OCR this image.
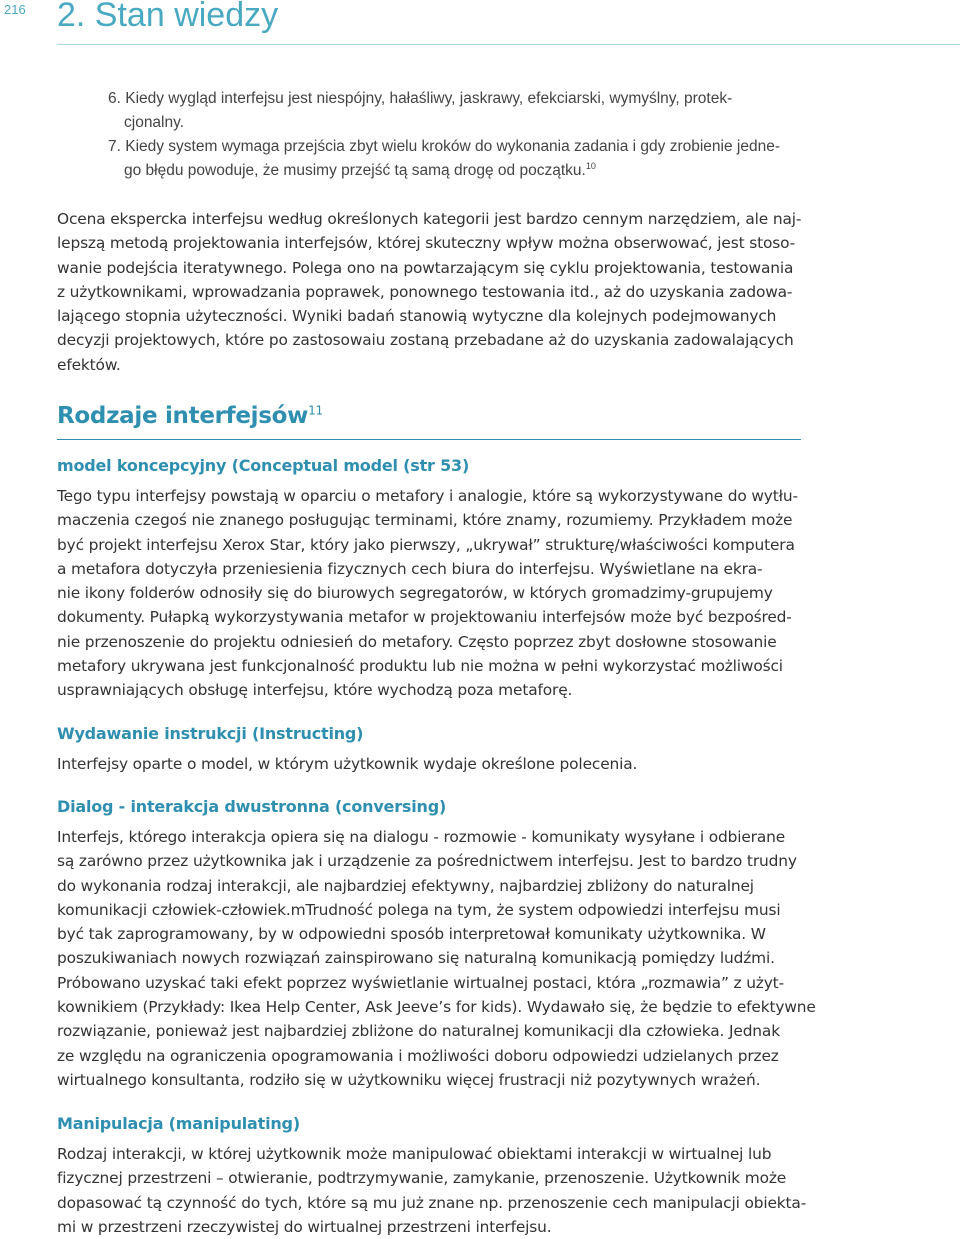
216 2. Stan wiedzy
6. Kiedy wygląd interfejsu jest niespójny, hałaśliwy, jaskrawy, efekciarski, wymyślny, protek-
cjonalny.
7. Kiedy system wymaga przejścia zbyt wielu kroków do wykonania zadania i gdy zrobienie jedne-
go błędu powoduje, że musimy przejść tą samą drogę od początku.$^{10}$

Ocena ekspercka interfejsu według określonych kategorii jest bardzo cennym narzędziem, ale naj-
lepszą metodą projektowania interfejsów, której skuteczny wpływ można obserwować, jest stoso-
wanie podejścia iteratywnego. Polega ono na powtarzającym się cyklu projektowania, testowania
z użytkownikami, wprowadzania poprawek, ponownego testowania itd., aż do uzyskania zadowa-
lającego stopnia użyteczności. Wyniki badań stanowią wytyczne dla kolejnych podejmowanych
decyzji projektowych, które po zastosowaiu zostaną przebadane aż do uzyskania zadowalających
efektów.

Rodzaje interfejsów$^{11}$
model koncepcyjny (Conceptual model (str 53)

Tego typu interfejsy powstają w oparciu o metafory i analogie, które są wykorzystywane do wytłu-
maczenia czegoś nie znanego posługując terminami, które znamy, rozumiemy. Przykładem może
być projekt interfejsu Xerox Star, który jako pierwszy, „ukrywał” strukturę/właściwości komputera
a metafora dotyczyła przeniesienia fizycznych cech biura do interfejsu. Wyświetlane na ekra-
nie ikony folderów odnosiły się do biurowych segregatorów, w których gromadzimy-grupujemy
dokumenty. Pułapką wykorzystywania metafor w projektowaniu interfejsów może być bezpośred-
nie przenoszenie do projektu odniesień do metafory. Często poprzez zbyt dosłowne stosowanie
metafory ukrywana jest funkcjonalność produktu lub nie można w pełni wykorzystać możliwości
usprawniających obsługę interfejsu, które wychodzą poza metaforę.

Wydawanie instrukcji (Instructing)

Interfejsy oparte o model, w którym użytkownik wydaje określone polecenia.

Dialog - interakcja dwustronna (conversing)

Interfejs, którego interakcja opiera się na dialogu - rozmowie - komunikaty wysyłane i odbierane
są zarówno przez użytkownika jak i urządzenie za pośrednictwem interfejsu. Jest to bardzo trudny
do wykonania rodzaj interakcji, ale najbardziej efektywny, najbardziej zbliżony do naturalnej
komunikacji człowiek-człowiek.mTrudność polega na tym, że system odpowiedzi interfejsu musi
być tak zaprogramowany, by w odpowiedni sposób interpretował komunikaty użytkownika. W
poszukiwaniach nowych rozwiązań zainspirowano się naturalną komunikacją pomiędzy ludźmi.
Próbowano uzyskać taki efekt poprzez wyświetlanie wirtualnej postaci, która „rozmawia” z użyt-
kownikiem (Przykłady: Ikea Help Center, Ask Jeeve’s for kids). Wydawało się, że będzie to efektywne
rozwiązanie, ponieważ jest najbardziej zbliżone do naturalnej komunikacji dla człowieka. Jednak
ze względu na ograniczenia opogramowania i możliwości doboru odpowiedzi udzielanych przez
wirtualnego konsultanta, rodziło się w użytkowniku więcej frustracji niż pozytywnych wrażeń.

Manipulacja (manipulating)

Rodzaj interakcji, w której użytkownik może manipulować obiektami interakcji w wirtualnej lub
fizycznej przestrzeni – otwieranie, podtrzymywanie, zamykanie, przenoszenie. Użytkownik może
dopasować tą czynność do tych, które są mu już znane np. przenoszenie cech manipulacji obiekta-
mi w przestrzeni rzeczywistej do wirtualnej przestrzeni interfejsu.
